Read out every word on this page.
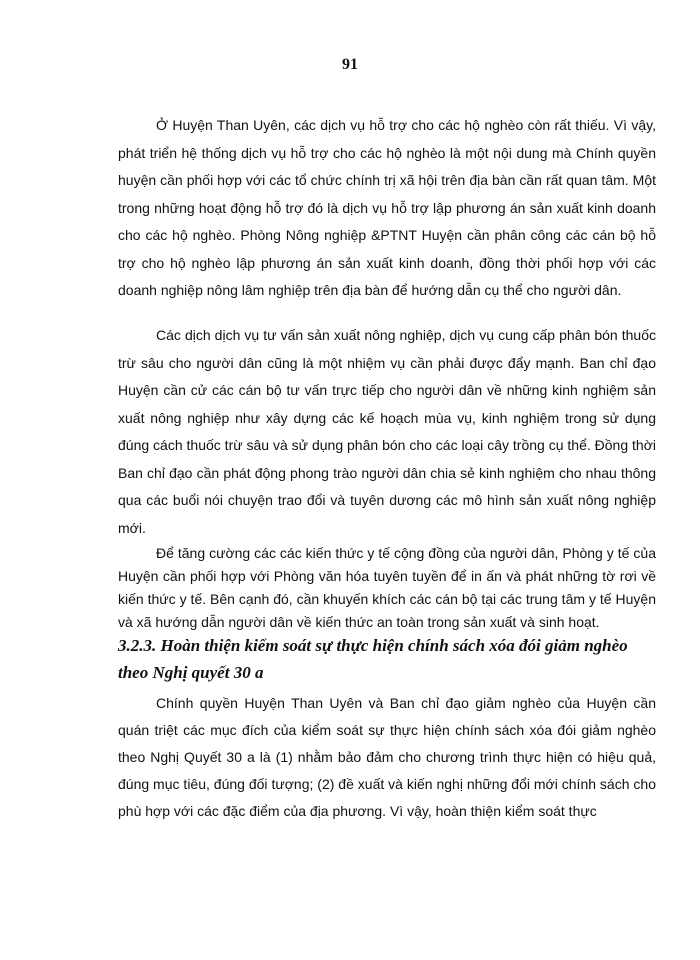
91

Ở Huyện Than Uyên, các dịch vụ hỗ trợ cho các hộ nghèo còn rất thiếu. Vì vậy, phát triển hệ thống dịch vụ hỗ trợ cho các hộ nghèo là một nội dung mà Chính quyền huyện cần phối hợp với các tổ chức chính trị xã hội trên địa bàn cần rất quan tâm. Một trong những hoạt động hỗ trợ đó là dịch vụ hỗ trợ lập phương án sản xuất kinh doanh cho các hộ nghèo. Phòng Nông nghiệp &PTNT Huyện cần phân công các cán bộ hỗ trợ cho hộ nghèo lập phương án sản xuất kinh doanh, đồng thời phối hợp với các doanh nghiệp nông lâm nghiệp trên địa bàn để hướng dẫn cụ thể cho người dân.

Các dịch dịch vụ tư vấn sản xuất nông nghiệp, dịch vụ cung cấp phân bón thuốc trừ sâu cho người dân cũng là một nhiệm vụ cần phải được đẩy mạnh. Ban chỉ đạo Huyện cần cử các cán bộ tư vấn trực tiếp cho người dân về những kinh nghiệm sản xuất nông nghiệp như xây dựng các kế hoạch mùa vụ, kinh nghiệm trong sử dụng đúng cách thuốc trừ sâu và sử dụng phân bón cho các loại cây trồng cụ thể. Đồng thời Ban chỉ đạo cần phát động phong trào người dân chia sẻ kinh nghiệm cho nhau thông qua các buổi nói chuyện trao đổi và tuyên dương các mô hình sản xuất nông nghiệp mới.

Để tăng cường các các kiến thức y tế cộng đồng của người dân, Phòng y tế của Huyện cần phối hợp với Phòng văn hóa tuyên tuyền để in ấn và phát những tờ rơi về kiến thức y tế. Bên cạnh đó, cần khuyến khích các cán bộ tại các trung tâm y tế Huyện và xã hướng dẫn người dân về kiến thức an toàn trong sản xuất và sinh hoạt.

3.2.3. Hoàn thiện kiểm soát sự thực hiện chính sách xóa đói giảm nghèo theo Nghị quyết 30 a

Chính quyền Huyện Than Uyên và Ban chỉ đạo giảm nghèo của Huyện cần quán triệt các mục đích của kiểm soát sự thực hiện chính sách xóa đói giảm nghèo theo Nghị Quyết 30 a là (1) nhằm bảo đảm cho chương trình thực hiện có hiệu quả, đúng mục tiêu, đúng đối tượng; (2) đề xuất và kiến nghị những đổi mới chính sách cho phù hợp với các đặc điểm của địa phương. Vì vậy, hoàn thiện kiểm soát thực
